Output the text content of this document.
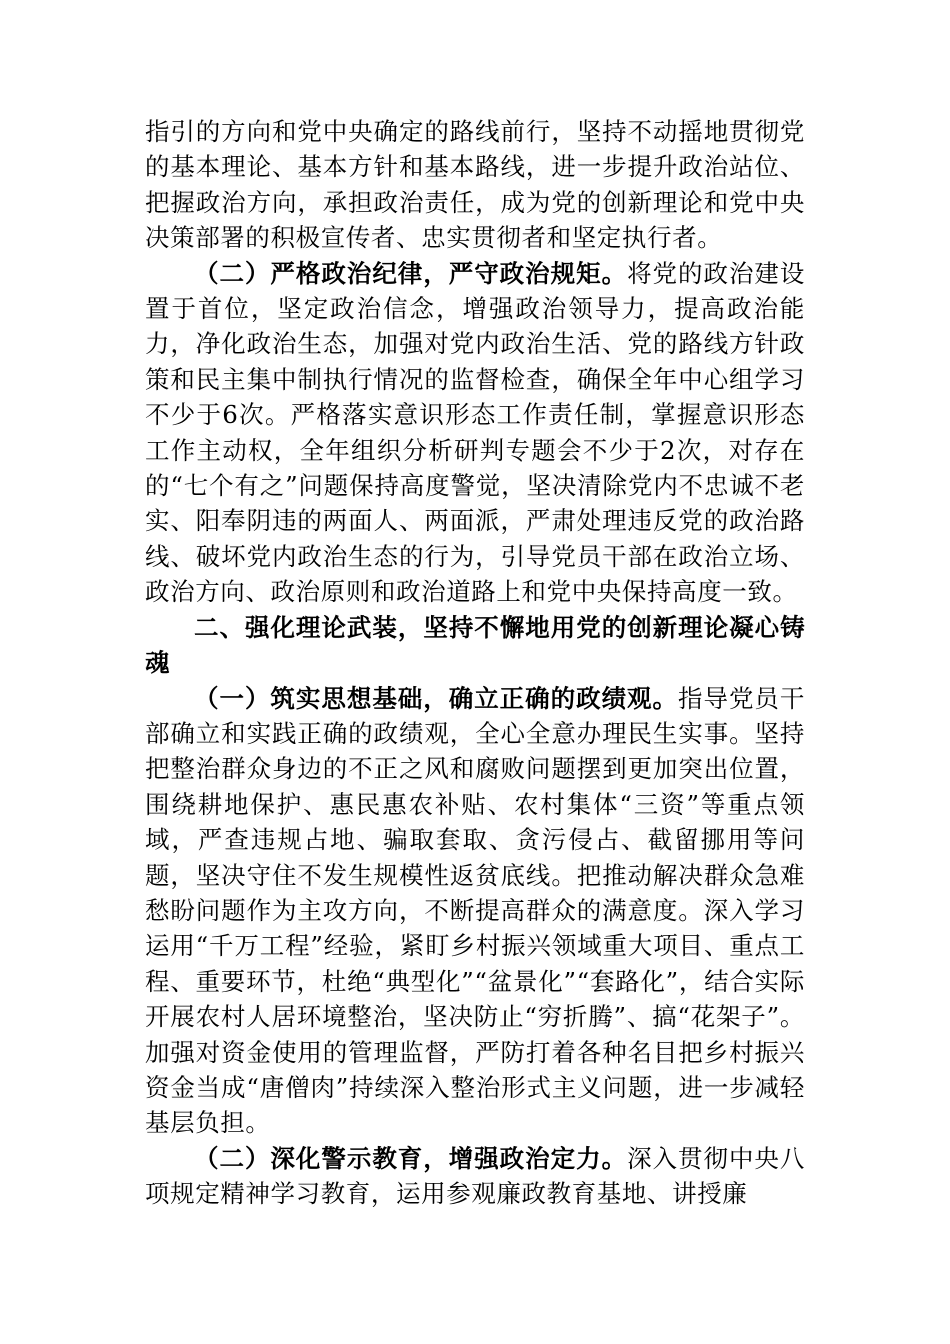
指引的方向和党中央确定的路线前行，坚持不动摇地贯彻党的基本理论、基本方针和基本路线，进一步提升政治站位、把握政治方向，承担政治责任，成为党的创新理论和党中央决策部署的积极宣传者、忠实贯彻者和坚定执行者。

（二）严格政治纪律，严守政治规矩。将党的政治建设置于首位，坚定政治信念，增强政治领导力，提高政治能力，净化政治生态，加强对党内政治生活、党的路线方针政策和民主集中制执行情况的监督检查，确保全年中心组学习不少于6次。严格落实意识形态工作责任制，掌握意识形态工作主动权，全年组织分析研判专题会不少于2次，对存在的“七个有之”问题保持高度警觉，坚决清除党内不忠诚不老实、阳奉阴违的两面人、两面派，严肃处理违反党的政治路线、破坏党内政治生态的行为，引导党员干部在政治立场、政治方向、政治原则和政治道路上和党中央保持高度一致。

二、强化理论武装，坚持不懈地用党的创新理论凝心铸魂

（一）筑实思想基础，确立正确的政绩观。指导党员干部确立和实践正确的政绩观，全心全意办理民生实事。坚持把整治群众身边的不正之风和腐败问题摆到更加突出位置，围绕耕地保护、惠民惠农补贴、农村集体“三资”等重点领域，严查违规占地、骗取套取、贪污侵占、截留挪用等问题，坚决守住不发生规模性返贫底线。把推动解决群众急难愁盼问题作为主攻方向，不断提高群众的满意度。深入学习运用“千万工程”经验，紧盯乡村振兴领域重大项目、重点工程、重要环节，杜绝“典型化”“盆景化”“套路化”，结合实际开展农村人居环境整治，坚决防止“穷折腾”、搞“花架子”。加强对资金使用的管理监督，严防打着各种名目把乡村振兴资金当成“唐僧肉”持续深入整治形式主义问题，进一步减轻基层负担。

（二）深化警示教育，增强政治定力。深入贯彻中央八项规定精神学习教育，运用参观廉政教育基地、讲授廉
